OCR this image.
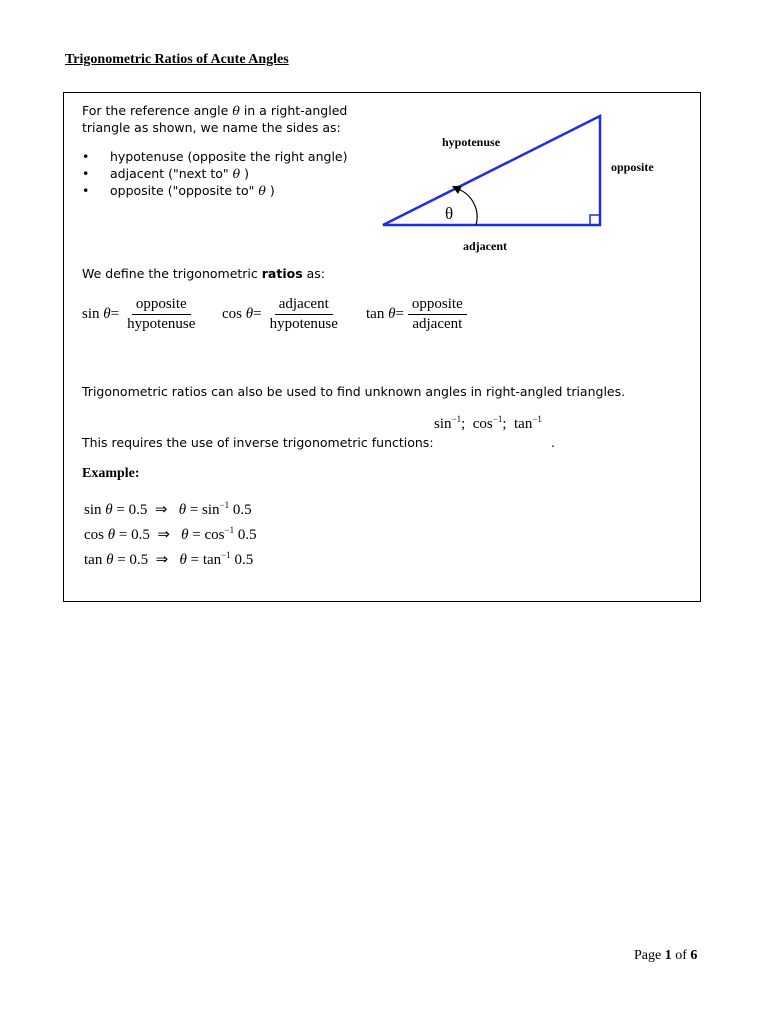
Trigonometric Ratios of Acute Angles
For the reference angle θ in a right-angled
triangle as shown, we name the sides as:
• hypotenuse (opposite the right angle)
• adjacent ("next to" θ )
• opposite ("opposite to" θ )
hypotenuse
opposite
adjacent
θ
We define the trigonometric ratios as:
sin
$\theta = \frac{\text{opposite}}{\text{hypotenuse}}$ cos
$\theta = \frac{\text{adjacent}}{\text{hypotenuse}}$ tan
$\theta = \frac{\text{opposite}}{\text{adjacent}}$
Trigonometric ratios can also be used to find unknown angles in right-angled triangles.
$\sin^{-1}$; $\cos^{-1}$; $\tan^{-1}$
This requires the use of inverse trigonometric functions:	.
Example:
sin θ = 0.5 ⇒ $\theta = \sin^{-1} 0.5$
cos θ = 0.5 ⇒ $\theta = \cos^{-1} 0.5$
tan θ = 0.5 ⇒ $\theta = \tan^{-1} 0.5$
Page 1 of 6
